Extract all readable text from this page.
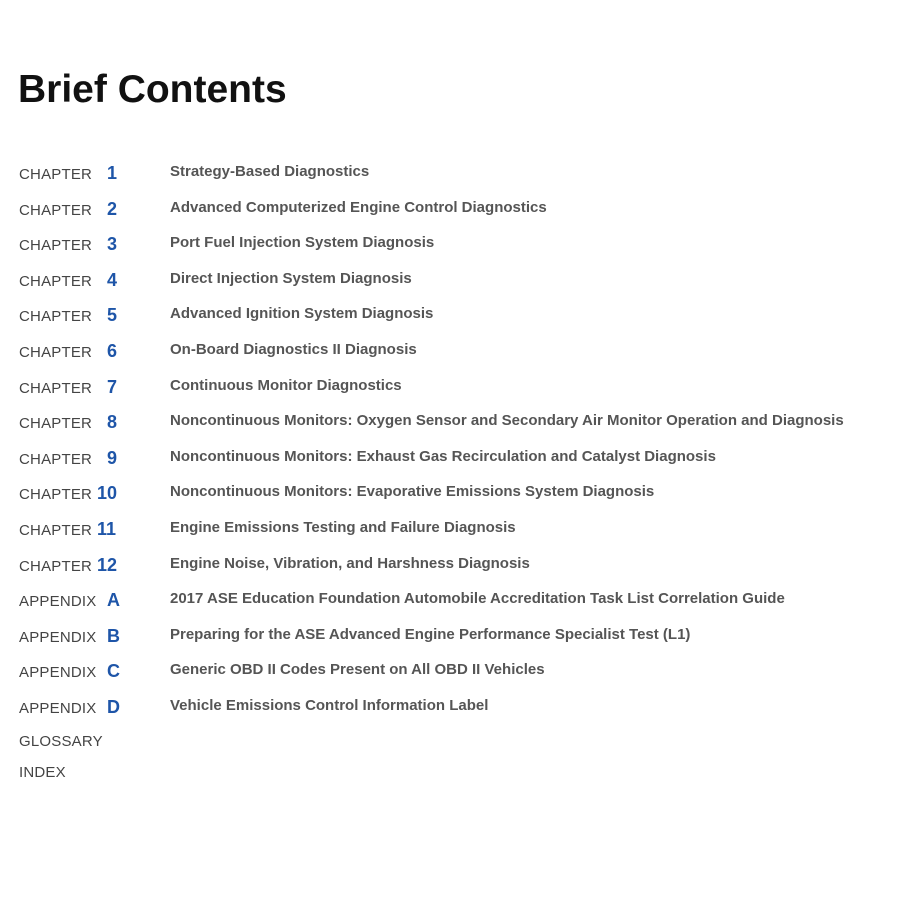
Brief Contents
CHAPTER 1	Strategy-Based Diagnostics
CHAPTER 2	Advanced Computerized Engine Control Diagnostics
CHAPTER 3	Port Fuel Injection System Diagnosis
CHAPTER 4	Direct Injection System Diagnosis
CHAPTER 5	Advanced Ignition System Diagnosis
CHAPTER 6	On-Board Diagnostics II Diagnosis
CHAPTER 7	Continuous Monitor Diagnostics
CHAPTER 8	Noncontinuous Monitors: Oxygen Sensor and Secondary Air Monitor Operation and Diagnosis
CHAPTER 9	Noncontinuous Monitors: Exhaust Gas Recirculation and Catalyst Diagnosis
CHAPTER 10	Noncontinuous Monitors: Evaporative Emissions System Diagnosis
CHAPTER 11	Engine Emissions Testing and Failure Diagnosis
CHAPTER 12	Engine Noise, Vibration, and Harshness Diagnosis
APPENDIX A	2017 ASE Education Foundation Automobile Accreditation Task List Correlation Guide
APPENDIX B	Preparing for the ASE Advanced Engine Performance Specialist Test (L1)
APPENDIX C	Generic OBD II Codes Present on All OBD II Vehicles
APPENDIX D	Vehicle Emissions Control Information Label
GLOSSARY
INDEX
